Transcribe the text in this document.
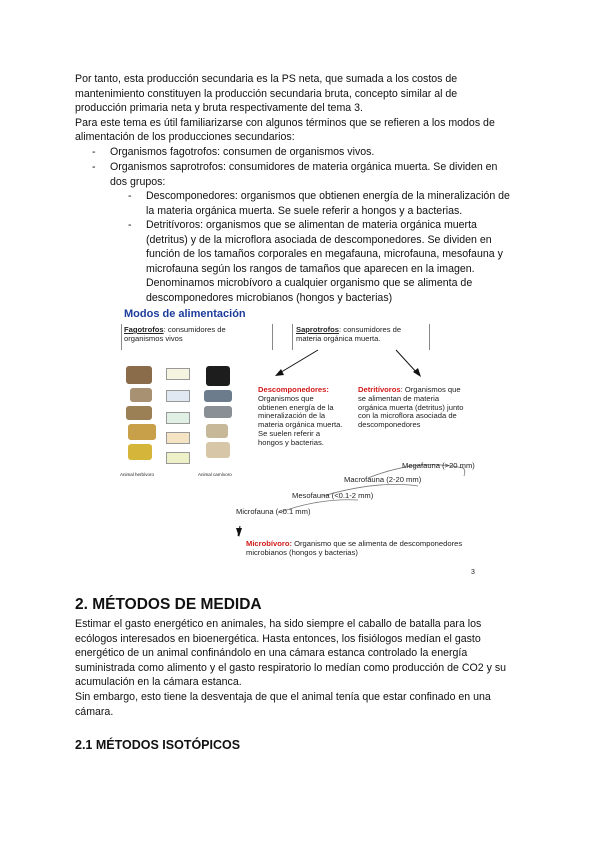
Por tanto, esta producción secundaria es la PS neta, que sumada a los costos de
mantenimiento constituyen la producción secundaria bruta, concepto similar al de
producción primaria neta y bruta respectivamente del tema 3.
Para este tema es útil familiarizarse con algunos términos que se refieren a los modos de
alimentación de los producciones secundarios:
- Organismos fagotrofos: consumen de organismos vivos.
- Organismos saprotrofos: consumidores de materia orgánica muerta. Se dividen en
dos grupos:
- Descomponedores: organismos que obtienen energía de la mineralización de
la materia orgánica muerta. Se suele referir a hongos y a bacterias.
- Detritívoros: organismos que se alimentan de materia orgánica muerta
(detritus) y de la microflora asociada de descomponedores. Se dividen en
función de los tamaños corporales en megafauna, microfauna, mesofauna y
microfauna según los rangos de tamaños que aparecen en la imagen.
Denominamos microbívoro a cualquier organismo que se alimenta de
descomponedores microbianos (hongos y bacterias)
Modos de alimentación
Fagotrofos: consumidores de
organismos vivos
Saprotrofos: consumidores de
materia orgánica muerta.
Animal herbívoro	Animal carnívoro
Descomponedores:
Organismos que
obtienen energía de la
mineralización de la
materia orgánica muerta.
Se suelen referir a
hongos y bacterias.
Detritívoros: Organismos que
se alimentan de materia
orgánica muerta (detritus) junto
con la microflora asociada de
descomponedores
Megafauna (>20 mm)
Macrofauna (2-20 mm)
Mesofauna (<0.1-2 mm)
Microfauna (<0.1 mm)
Microbívoro: Organismo que se alimenta de descomponedores
microbianos (hongos y bacterias)
3
2. MÉTODOS DE MEDIDA
Estimar el gasto energético en animales, ha sido siempre el caballo de batalla para los
ecólogos interesados en bioenergética. Hasta entonces, los fisiólogos medían el gasto
energético de un animal confinándolo en una cámara estanca controlado la energía
suministrada como alimento y el gasto respiratorio lo medían como producción de CO2 y su
acumulación en la cámara estanca.
Sin embargo, esto tiene la desventaja de que el animal tenía que estar confinado en una
cámara.
2.1 MÉTODOS ISOTÓPICOS
